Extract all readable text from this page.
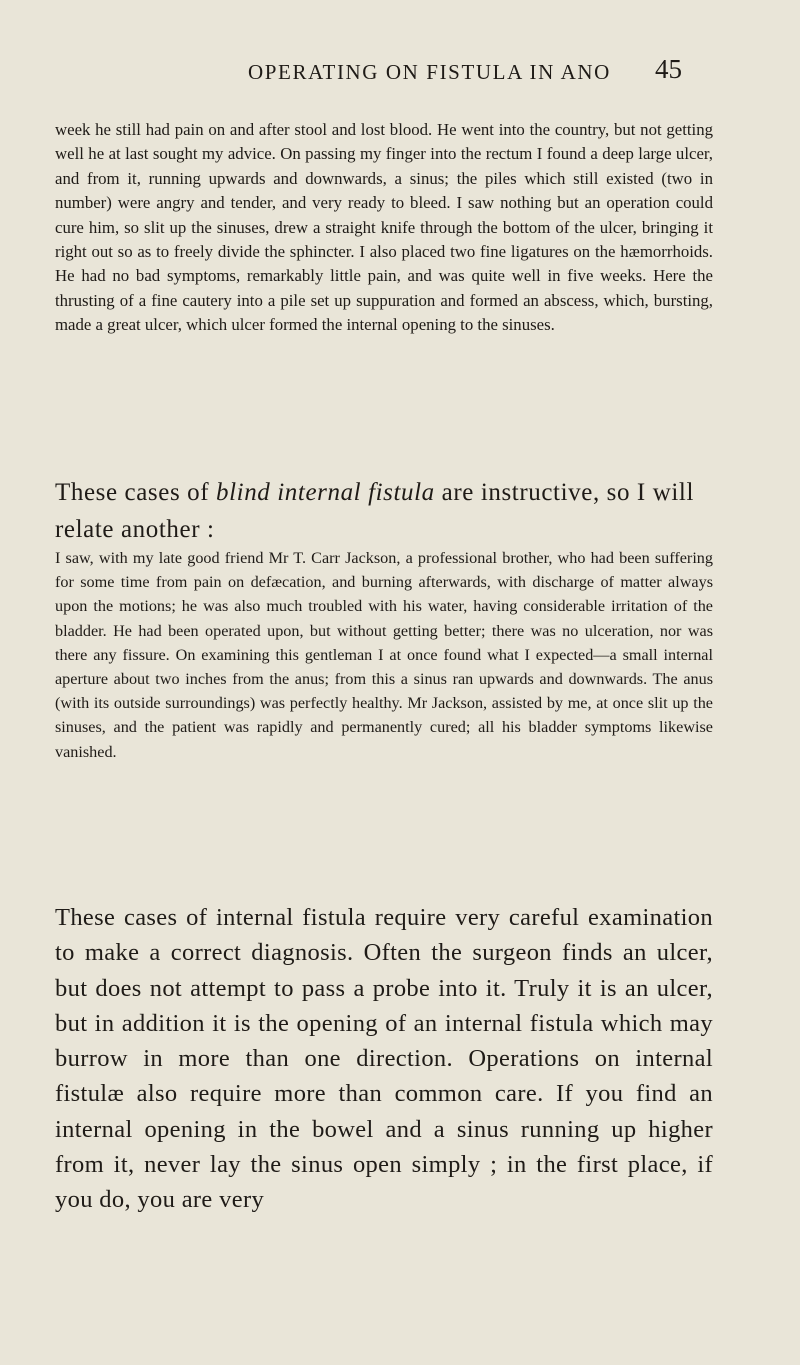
OPERATING ON FISTULA IN ANO 45

week he still had pain on and after stool and lost blood. He went into the country, but not getting well he at last sought my advice. On passing my finger into the rectum I found a deep large ulcer, and from it, running upwards and downwards, a sinus; the piles which still existed (two in number) were angry and tender, and very ready to bleed. I saw nothing but an operation could cure him, so slit up the sinuses, drew a straight knife through the bottom of the ulcer, bringing it right out so as to freely divide the sphincter. I also placed two fine ligatures on the hæmorrhoids. He had no bad symptoms, remarkably little pain, and was quite well in five weeks. Here the thrusting of a fine cautery into a pile set up suppuration and formed an abscess, which, bursting, made a great ulcer, which ulcer formed the internal opening to the sinuses.

These cases of blind internal fistula are instructive, so I will relate another :

I saw, with my late good friend Mr T. Carr Jackson, a professional brother, who had been suffering for some time from pain on defæcation, and burning afterwards, with discharge of matter always upon the motions; he was also much troubled with his water, having considerable irritation of the bladder. He had been operated upon, but without getting better; there was no ulceration, nor was there any fissure. On examining this gentleman I at once found what I expected—a small internal aperture about two inches from the anus; from this a sinus ran upwards and downwards. The anus (with its outside surroundings) was perfectly healthy. Mr Jackson, assisted by me, at once slit up the sinuses, and the patient was rapidly and permanently cured; all his bladder symptoms likewise vanished.

These cases of internal fistula require very careful examination to make a correct diagnosis. Often the surgeon finds an ulcer, but does not attempt to pass a probe into it. Truly it is an ulcer, but in addition it is the opening of an internal fistula which may burrow in more than one direction. Operations on internal fistulæ also require more than common care. If you find an internal opening in the bowel and a sinus running up higher from it, never lay the sinus open simply ; in the first place, if you do, you are very
